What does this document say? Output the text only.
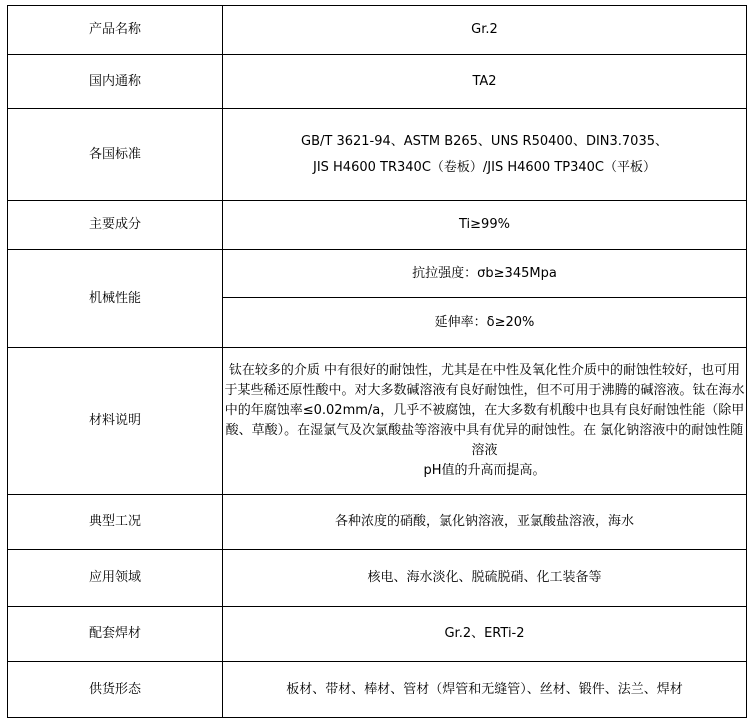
产品名称	Gr.2
国内通称	TA2
各国标准	GB/T 3621-94、ASTM B265、UNS R50400、DIN3.7035、
JIS H4600 TR340C（卷板）/JIS H4600 TP340C（平板）

主要成分	Ti≥99%
机械性能	抗拉强度：σb≥345Mpa
	延伸率：δ≥20%
材料说明	钛在较多的介质 中有很好的耐蚀性，尤其是在中性及氧化性介质中的耐蚀性较好，也可用于某些稀还原性酸中。对大多数碱溶液有良好耐蚀性，但不可用于沸腾的碱溶液。钛在海水 中的年腐蚀率≤0.02mm/a，几乎不被腐蚀，在大多数有机酸中也具有良好耐蚀性能（除甲酸、草酸）。在湿氯气及次氯酸盐等溶液中具有优异的耐蚀性。在 氯化钠溶液中的耐蚀性随溶液
pH值的升高而提高。

典型工况	各种浓度的硝酸，氯化钠溶液，亚氯酸盐溶液，海水
应用领域	核电、海水淡化、脱硫脱硝、化工装备等
配套焊材	Gr.2、ERTi-2
供货形态	板材、带材、棒材、管材（焊管和无缝管）、丝材、锻件、法兰、焊材
